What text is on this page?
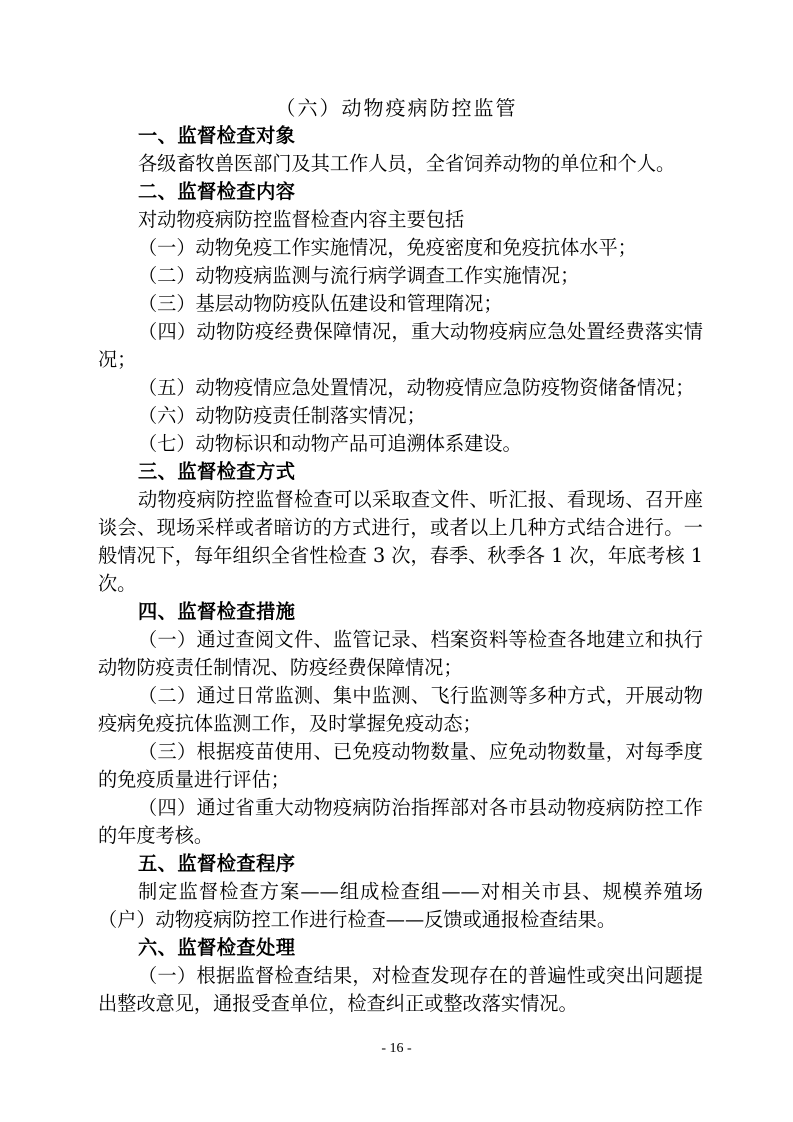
（六）动物疫病防控监管
一、监督检查对象
各级畜牧兽医部门及其工作人员，全省饲养动物的单位和个人。
二、监督检查内容
对动物疫病防控监督检查内容主要包括
（一）动物免疫工作实施情况，免疫密度和免疫抗体水平；
（二）动物疫病监测与流行病学调查工作实施情况；
（三）基层动物防疫队伍建设和管理隋况；
（四）动物防疫经费保障情况，重大动物疫病应急处置经费落实情况；
（五）动物疫情应急处置情况，动物疫情应急防疫物资储备情况；
（六）动物防疫责任制落实情况；
（七）动物标识和动物产品可追溯体系建设。
三、监督检查方式
动物疫病防控监督检查可以采取查文件、听汇报、看现场、召开座谈会、现场采样或者暗访的方式进行，或者以上几种方式结合进行。一般情况下，每年组织全省性检查 3 次，春季、秋季各 1 次，年底考核 1 次。
四、监督检查措施
（一）通过查阅文件、监管记录、档案资料等检查各地建立和执行动物防疫责任制情况、防疫经费保障情况；
（二）通过日常监测、集中监测、飞行监测等多种方式，开展动物疫病免疫抗体监测工作，及时掌握免疫动态；
（三）根据疫苗使用、已免疫动物数量、应免动物数量，对每季度的免疫质量进行评估；
（四）通过省重大动物疫病防治指挥部对各市县动物疫病防控工作的年度考核。
五、监督检查程序
制定监督检查方案——组成检查组——对相关市县、规模养殖场（户）动物疫病防控工作进行检查——反馈或通报检查结果。
六、监督检查处理
（一）根据监督检查结果，对检查发现存在的普遍性或突出问题提出整改意见，通报受查单位，检查纠正或整改落实情况。
- 16 -
